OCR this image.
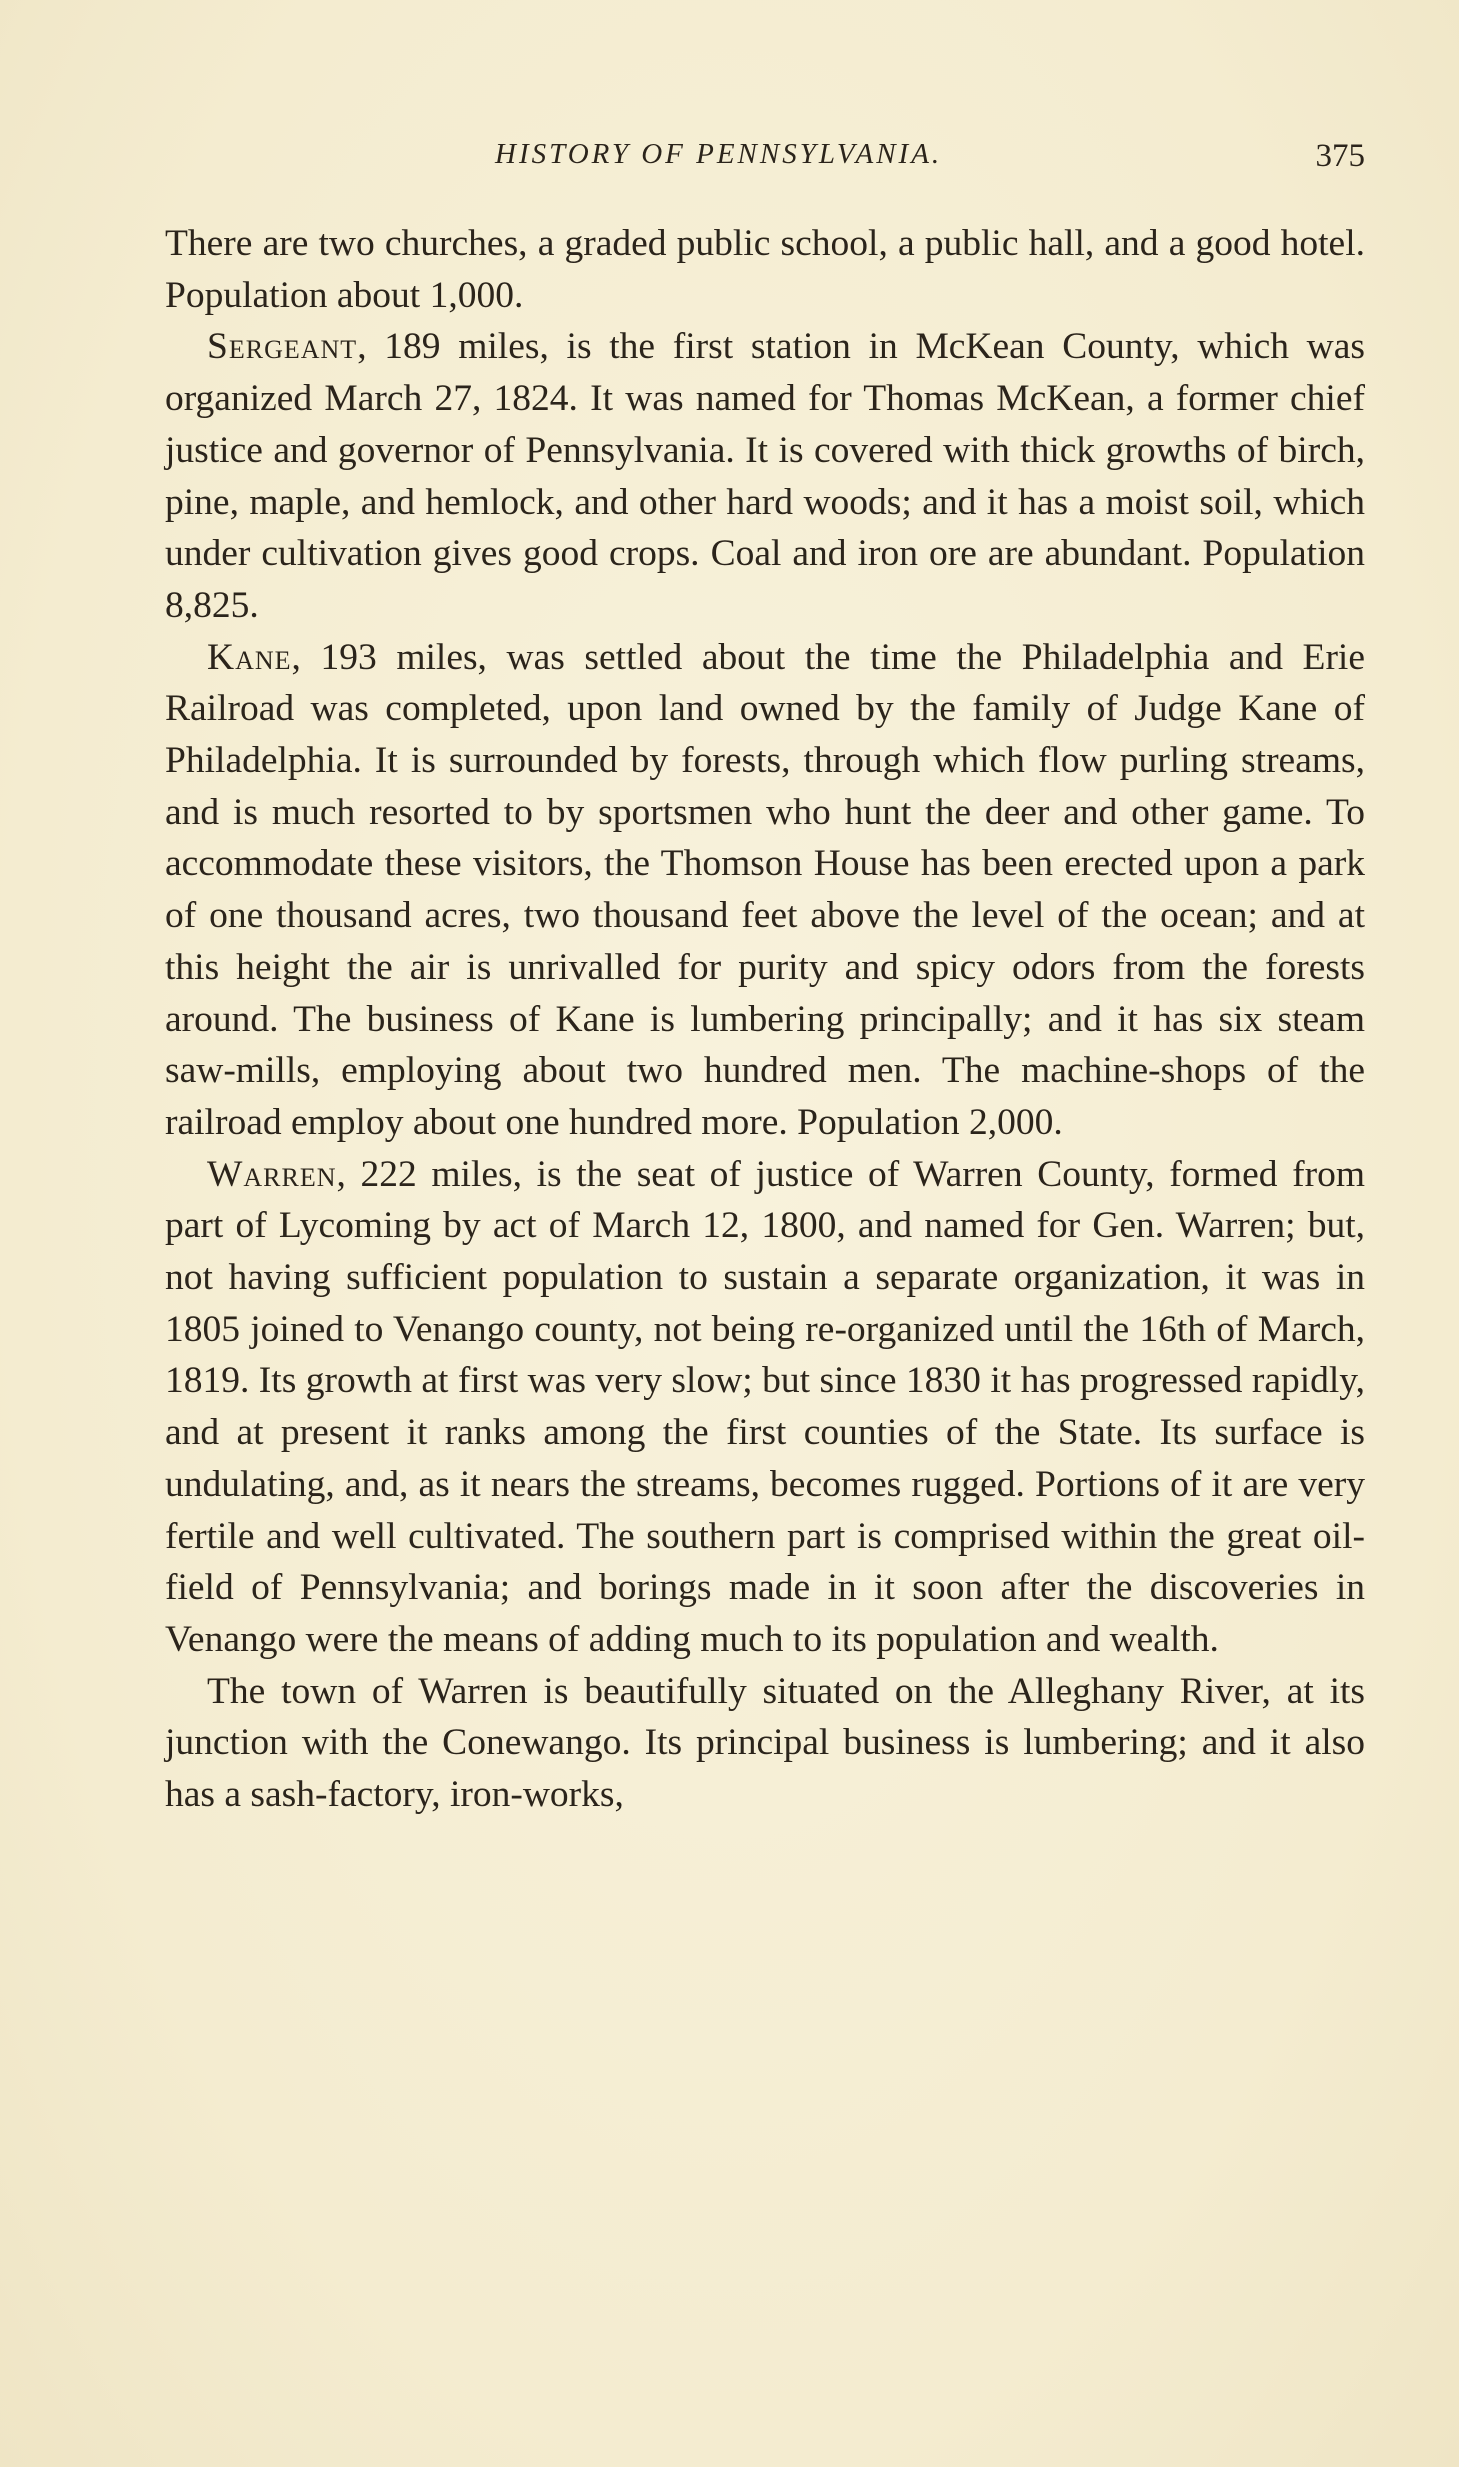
HISTORY OF PENNSYLVANIA.	375

There are two churches, a graded public school, a public hall, and a good hotel. Population about 1,000.

Sergeant, 189 miles, is the first station in McKean County, which was organized March 27, 1824. It was named for Thomas McKean, a former chief justice and governor of Pennsylvania. It is covered with thick growths of birch, pine, maple, and hemlock, and other hard woods; and it has a moist soil, which under cultivation gives good crops. Coal and iron ore are abundant. Population 8,825.

Kane, 193 miles, was settled about the time the Philadelphia and Erie Railroad was completed, upon land owned by the family of Judge Kane of Philadelphia. It is surrounded by forests, through which flow purling streams, and is much resorted to by sportsmen who hunt the deer and other game. To accommodate these visitors, the Thomson House has been erected upon a park of one thousand acres, two thousand feet above the level of the ocean; and at this height the air is unrivalled for purity and spicy odors from the forests around. The business of Kane is lumbering principally; and it has six steam saw-mills, employing about two hundred men. The machine-shops of the railroad employ about one hundred more. Population 2,000.

Warren, 222 miles, is the seat of justice of Warren County, formed from part of Lycoming by act of March 12, 1800, and named for Gen. Warren; but, not having sufficient population to sustain a separate organization, it was in 1805 joined to Venango county, not being re-organized until the 16th of March, 1819. Its growth at first was very slow; but since 1830 it has progressed rapidly, and at present it ranks among the first counties of the State. Its surface is undulating, and, as it nears the streams, becomes rugged. Portions of it are very fertile and well cultivated. The southern part is comprised within the great oil-field of Pennsylvania; and borings made in it soon after the discoveries in Venango were the means of adding much to its population and wealth.

The town of Warren is beautifully situated on the Alleghany River, at its junction with the Conewango. Its principal business is lumbering; and it also has a sash-factory, iron-works,
